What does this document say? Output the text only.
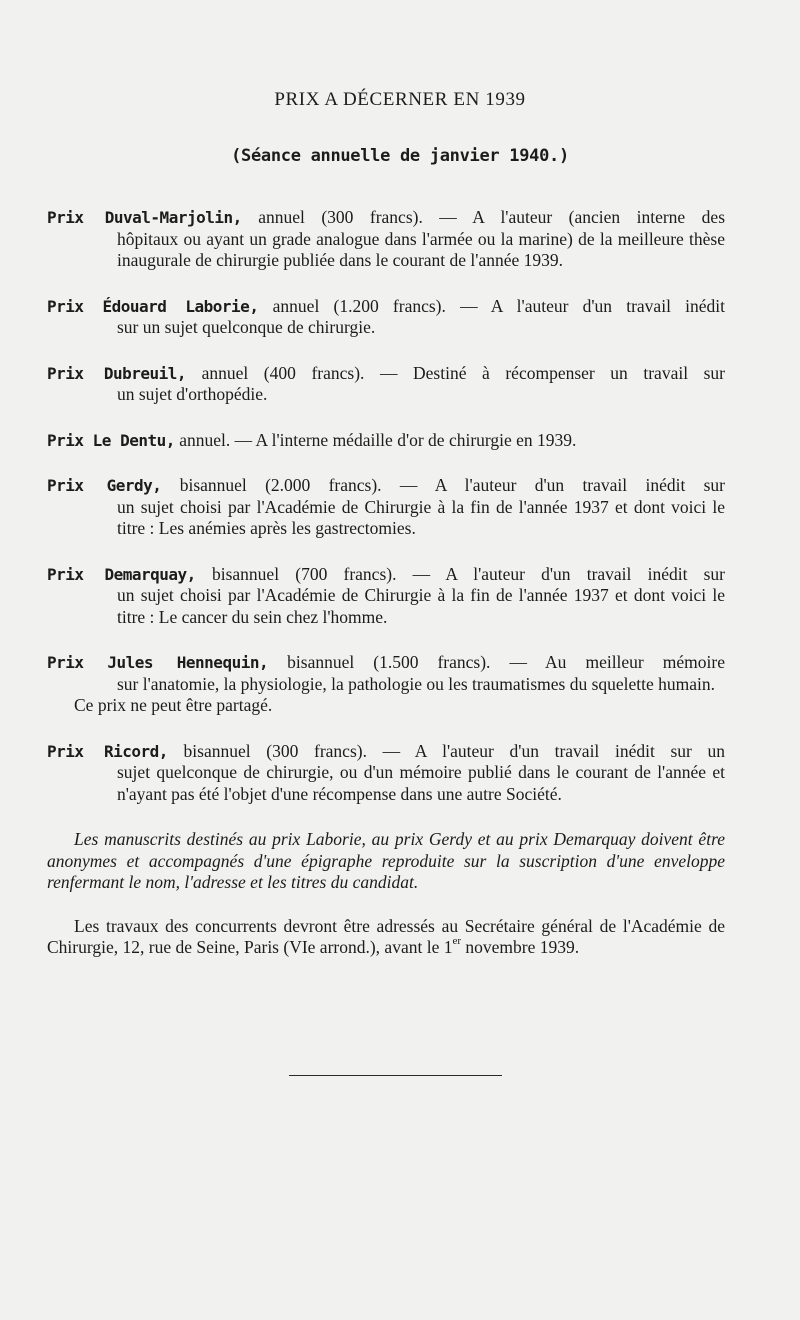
PRIX A DÉCERNER EN 1939
(Séance annuelle de janvier 1940.)
Prix Duval-Marjolin, annuel (300 francs). — A l'auteur (ancien interne des
hôpitaux ou ayant un grade analogue dans l'armée ou la marine) de la meilleure thèse inaugurale de chirurgie publiée dans le courant de l'année 1939.
Prix Édouard Laborie, annuel (1.200 francs). — A l'auteur d'un travail inédit
sur un sujet quelconque de chirurgie.
Prix Dubreuil, annuel (400 francs). — Destiné à récompenser un travail sur
un sujet d'orthopédie.
Prix Le Dentu, annuel. — A l'interne médaille d'or de chirurgie en 1939.
Prix Gerdy, bisannuel (2.000 francs). — A l'auteur d'un travail inédit sur
un sujet choisi par l'Académie de Chirurgie à la fin de l'année 1937 et dont voici le titre : Les anémies après les gastrectomies.
Prix Demarquay, bisannuel (700 francs). — A l'auteur d'un travail inédit sur
un sujet choisi par l'Académie de Chirurgie à la fin de l'année 1937 et dont voici le titre : Le cancer du sein chez l'homme.
Prix Jules Hennequin, bisannuel (1.500 francs). — Au meilleur mémoire
sur l'anatomie, la physiologie, la pathologie ou les traumatismes du squelette humain.
Ce prix ne peut être partagé.
Prix Ricord, bisannuel (300 francs). — A l'auteur d'un travail inédit sur un
sujet quelconque de chirurgie, ou d'un mémoire publié dans le courant de l'année et n'ayant pas été l'objet d'une récompense dans une autre Société.

Les manuscrits destinés au prix Laborie, au prix Gerdy et au prix Demarquay doivent être anonymes et accompagnés d'une épigraphe reproduite sur la suscription d'une enveloppe renfermant le nom, l'adresse et les titres du candidat.

Les travaux des concurrents devront être adressés au Secrétaire général de l'Académie de Chirurgie, 12, rue de Seine, Paris (VIe arrond.), avant le 1er novembre 1939.
